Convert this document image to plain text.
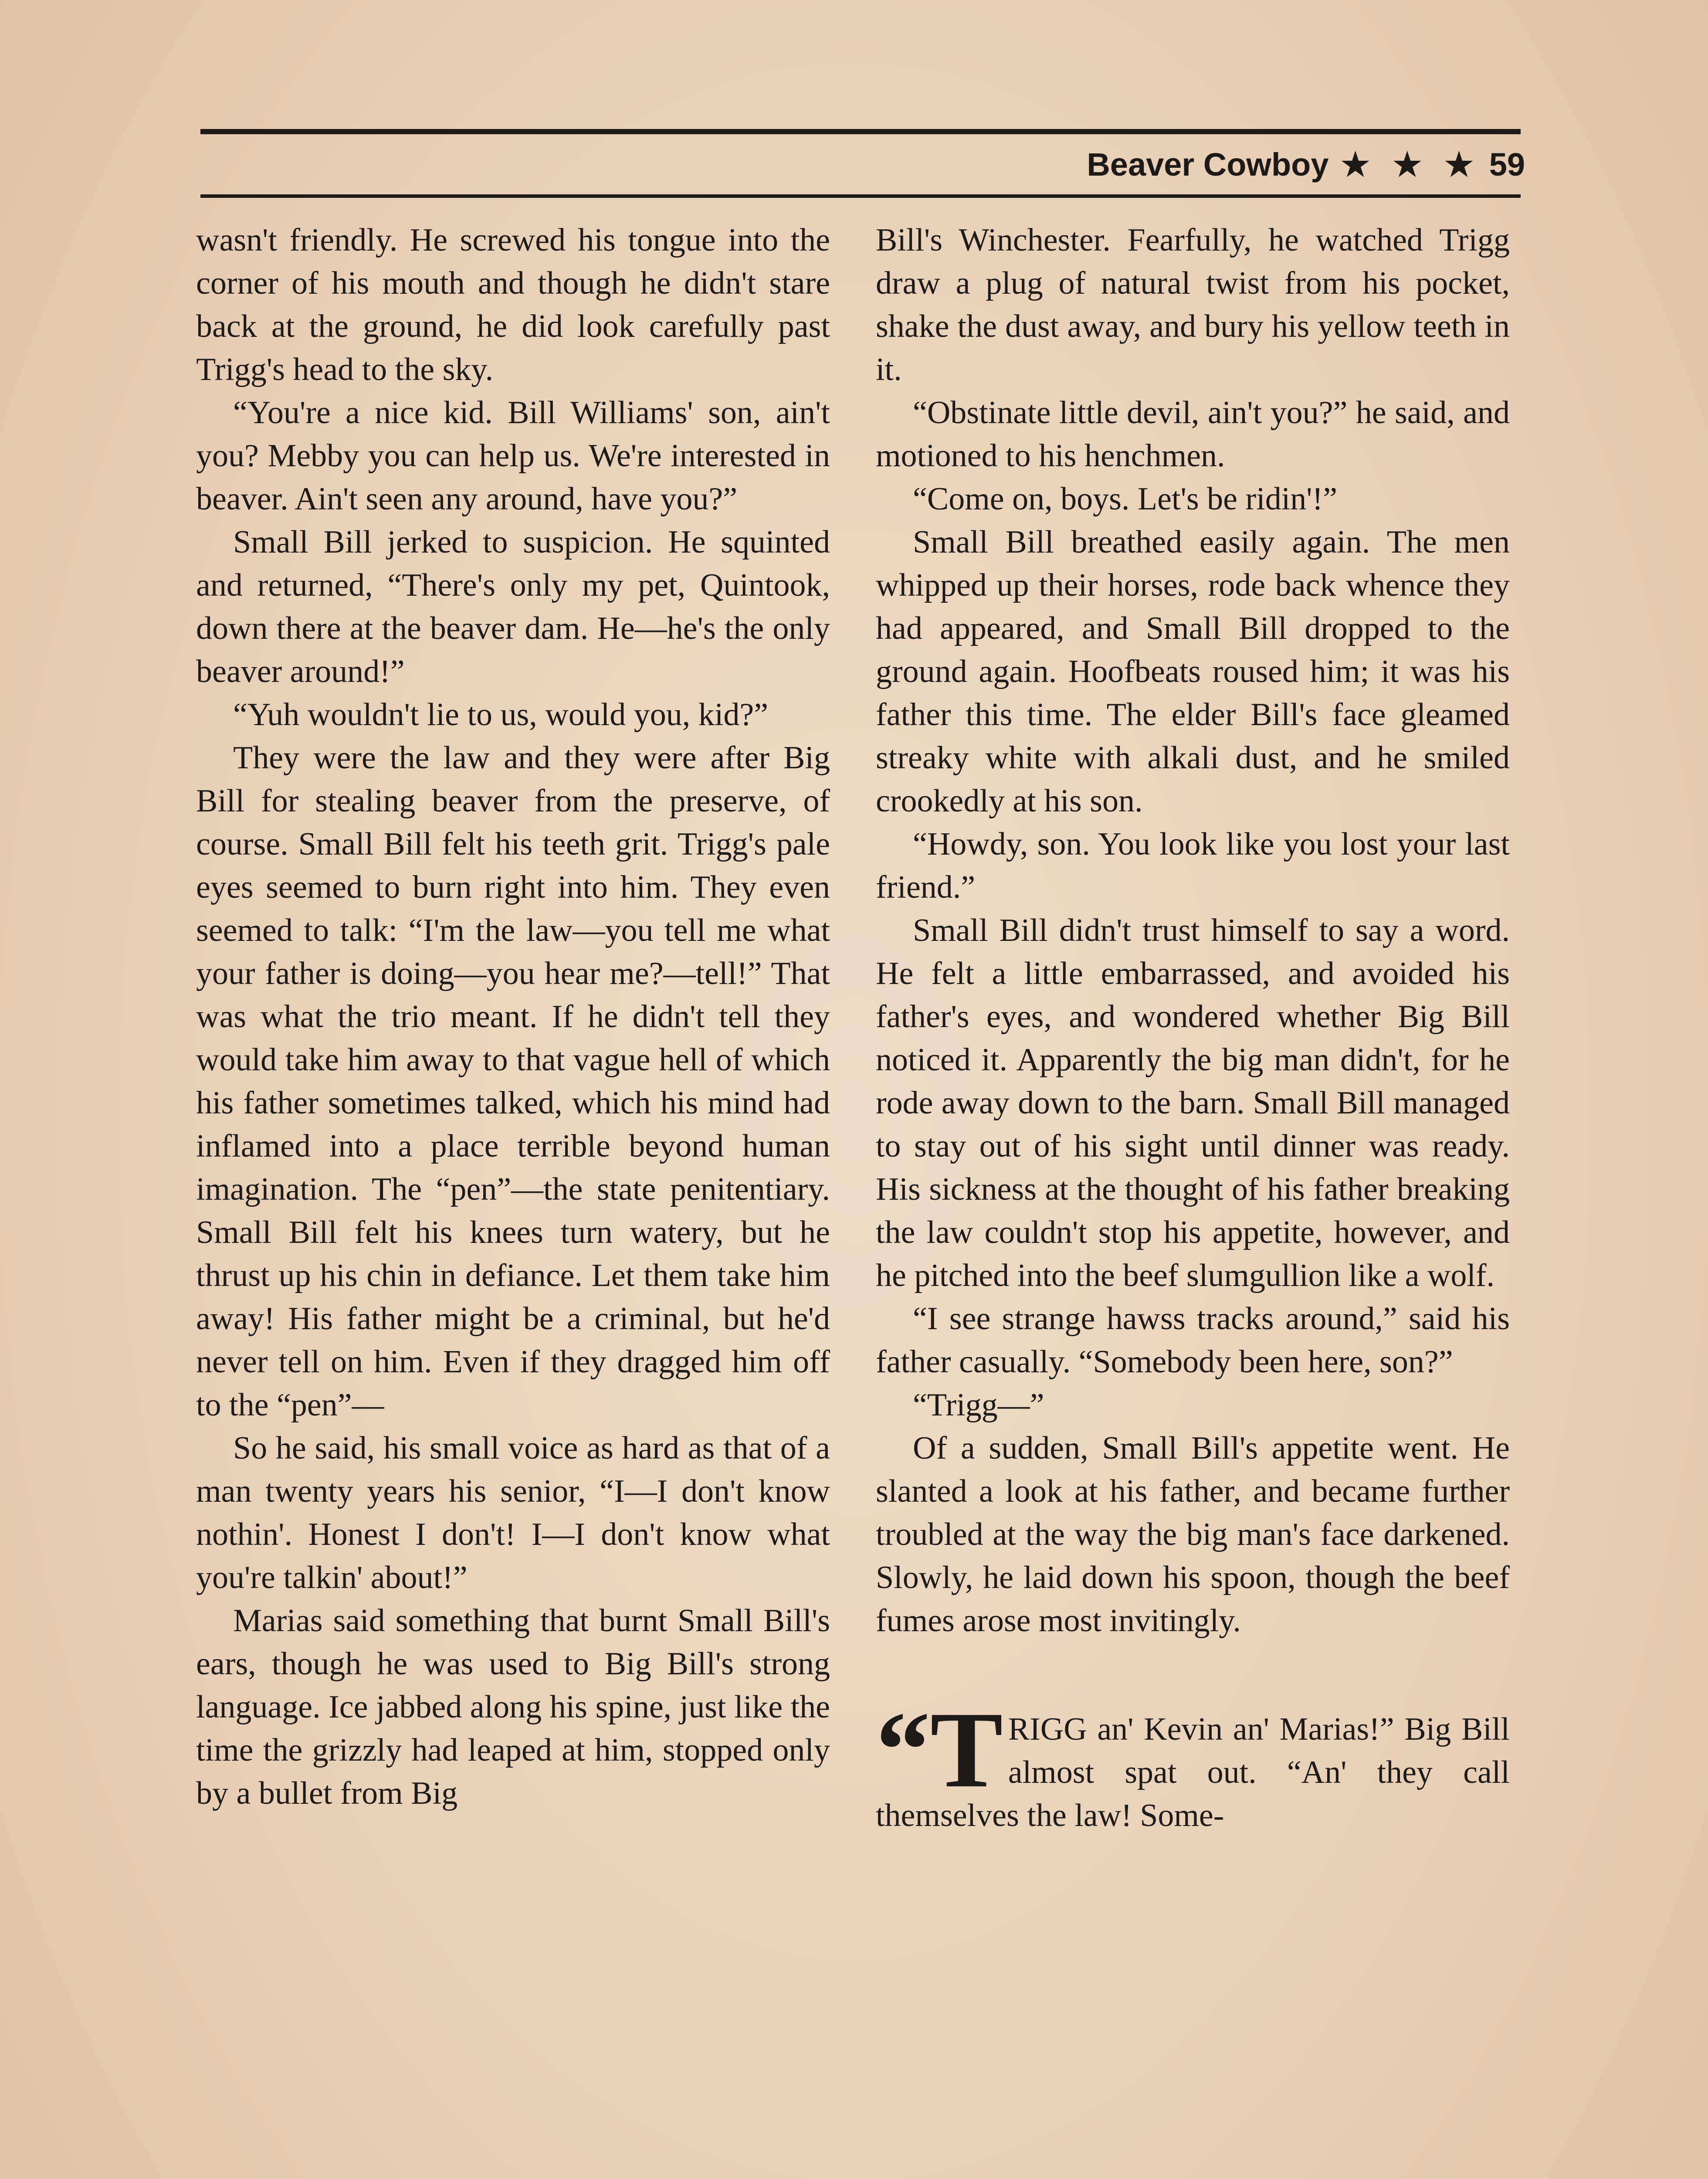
Beaver Cowboy ★ ★ ★ 59

wasn't friendly. He screwed his tongue into the corner of his mouth and though he didn't stare back at the ground, he did look carefully past Trigg's head to the sky.

“You're a nice kid. Bill Williams' son, ain't you? Mebby you can help us. We're interested in beaver. Ain't seen any around, have you?”

Small Bill jerked to suspicion. He squinted and returned, “There's only my pet, Quintook, down there at the beaver dam. He—he's the only beaver around!”

“Yuh wouldn't lie to us, would you, kid?”

They were the law and they were after Big Bill for stealing beaver from the preserve, of course. Small Bill felt his teeth grit. Trigg's pale eyes seemed to burn right into him. They even seemed to talk: “I'm the law—you tell me what your father is doing—you hear me?—tell!” That was what the trio meant. If he didn't tell they would take him away to that vague hell of which his father sometimes talked, which his mind had inflamed into a place terrible beyond human imagination. The “pen”—the state penitentiary. Small Bill felt his knees turn watery, but he thrust up his chin in defiance. Let them take him away! His father might be a criminal, but he'd never tell on him. Even if they dragged him off to the “pen”—

So he said, his small voice as hard as that of a man twenty years his senior, “I—I don't know nothin'. Honest I don't! I—I don't know what you're talkin' about!”

Marias said something that burnt Small Bill's ears, though he was used to Big Bill's strong language. Ice jabbed along his spine, just like the time the grizzly had leaped at him, stopped only by a bullet from Big

Bill's Winchester. Fearfully, he watched Trigg draw a plug of natural twist from his pocket, shake the dust away, and bury his yellow teeth in it.

“Obstinate little devil, ain't you?” he said, and motioned to his henchmen.

“Come on, boys. Let's be ridin'!”

Small Bill breathed easily again. The men whipped up their horses, rode back whence they had appeared, and Small Bill dropped to the ground again. Hoofbeats roused him; it was his father this time. The elder Bill's face gleamed streaky white with alkali dust, and he smiled crookedly at his son.

“Howdy, son. You look like you lost your last friend.”

Small Bill didn't trust himself to say a word. He felt a little embarrassed, and avoided his father's eyes, and wondered whether Big Bill noticed it. Apparently the big man didn't, for he rode away down to the barn. Small Bill managed to stay out of his sight until dinner was ready. His sickness at the thought of his father breaking the law couldn't stop his appetite, however, and he pitched into the beef slumgullion like a wolf.

“I see strange hawss tracks around,” said his father casually. “Somebody been here, son?”

“Trigg—”

Of a sudden, Small Bill's appetite went. He slanted a look at his father, and became further troubled at the way the big man's face darkened. Slowly, he laid down his spoon, though the beef fumes arose most invitingly.

“TRIGG an' Kevin an' Marias!” Big Bill almost spat out. “An' they call themselves the law! Some-
